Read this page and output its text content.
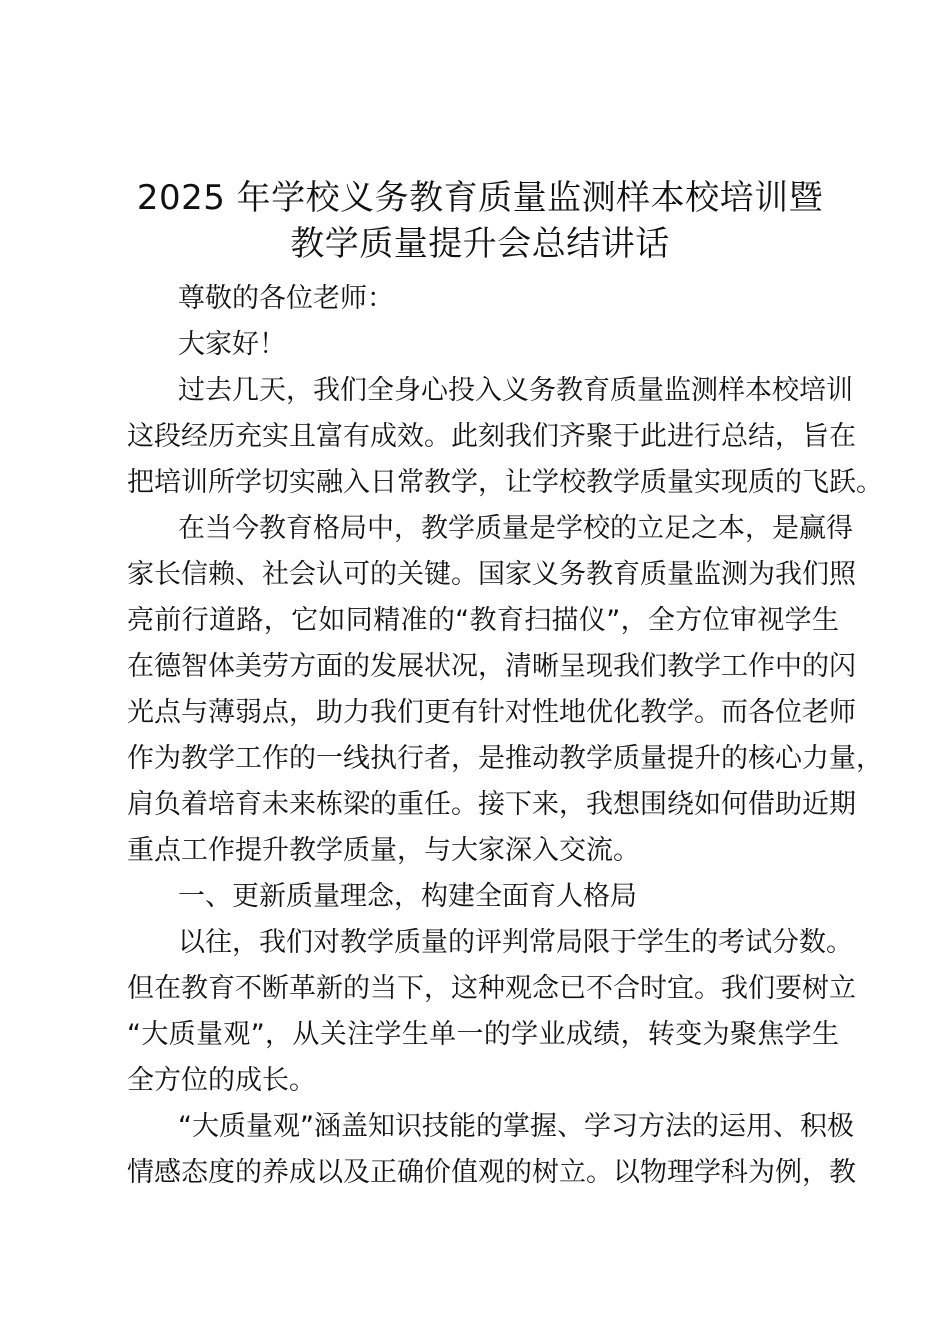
2025 年学校义务教育质量监测样本校培训暨
教学质量提升会总结讲话

尊敬的各位老师：

大家好！

过去几天，我们全身心投入义务教育质量监测样本校培训

这段经历充实且富有成效。此刻我们齐聚于此进行总结，旨在

把培训所学切实融入日常教学，让学校教学质量实现质的飞跃。

在当今教育格局中，教学质量是学校的立足之本，是赢得

家长信赖、社会认可的关键。国家义务教育质量监测为我们照

亮前行道路，它如同精准的“教育扫描仪”，全方位审视学生

在德智体美劳方面的发展状况，清晰呈现我们教学工作中的闪

光点与薄弱点，助力我们更有针对性地优化教学。而各位老师

作为教学工作的一线执行者，是推动教学质量提升的核心力量，

肩负着培育未来栋梁的重任。接下来，我想围绕如何借助近期

重点工作提升教学质量，与大家深入交流。

一、更新质量理念，构建全面育人格局

以往，我们对教学质量的评判常局限于学生的考试分数。

但在教育不断革新的当下，这种观念已不合时宜。我们要树立

“大质量观”，从关注学生单一的学业成绩，转变为聚焦学生

全方位的成长。

“大质量观”涵盖知识技能的掌握、学习方法的运用、积极

情感态度的养成以及正确价值观的树立。以物理学科为例，教
